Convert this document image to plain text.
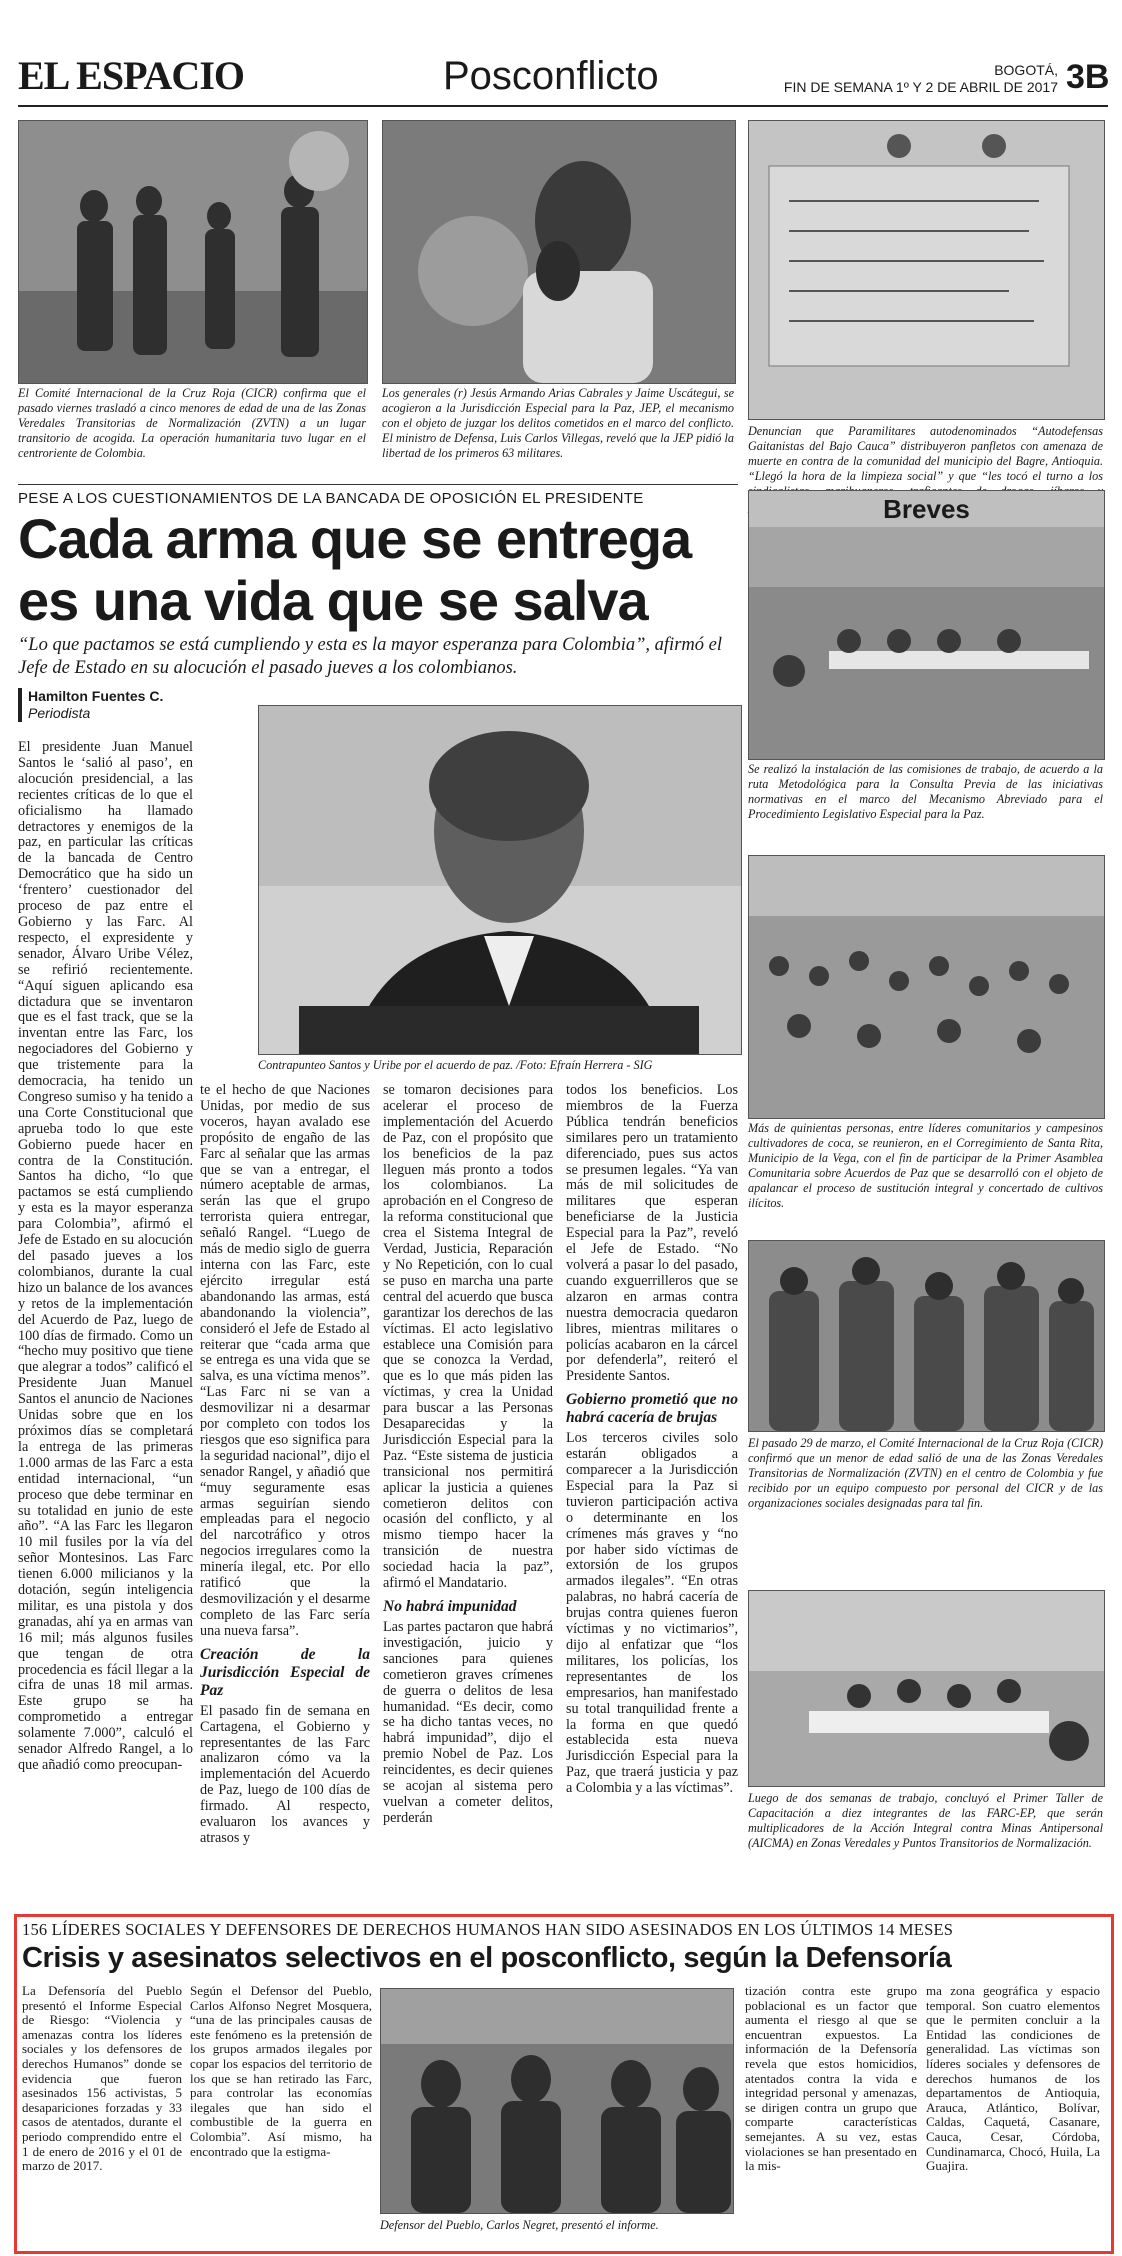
EL ESPACIO	Posconflicto	BOGOTÁ,
FIN DE SEMANA 1º Y 2 DE ABRIL DE 2017 3B
El Comité Internacional de la Cruz Roja (CICR) confirma que el pasado viernes trasladó a cinco menores de edad de una de las Zonas Veredales Transitorias de Normalización (ZVTN) a un lugar transitorio de acogida. La operación humanitaria tuvo lugar en el centroriente de Colombia.
Los generales (r) Jesús Armando Arias Cabrales y Jaime Uscátegui, se acogieron a la Jurisdicción Especial para la Paz, JEP, el mecanismo con el objeto de juzgar los delitos cometidos en el marco del conflicto. El ministro de Defensa, Luis Carlos Villegas, reveló que la JEP pidió la libertad de los primeros 63 militares.
Denuncian que Paramilitares autodenominados “Autodefensas Gaitanistas del Bajo Cauca” distribuyeron panfletos con amenaza de muerte en contra de la comunidad del municipio del Bagre, Antioquia. “Llegó la hora de la limpieza social” y que “les tocó el turno a los
PESE A LOS CUESTIONAMIENTOS DE LA BANCADA DE OPOSICIÓN EL PRESIDENTE
Cada arma que se entrega
es una vida que se salva
“Lo que pactamos se está cumpliendo y esta es la mayor esperanza para Colombia”, afirmó el Jefe de Estado en su alocución el pasado jueves a los colombianos.
Hamilton Fuentes C.
Periodista
Contrapunteo Santos y Uribe por el acuerdo de paz. /Foto: Efraín Herrera - SIG

El presidente Juan Manuel Santos le ‘salió al paso’, en alocución presidencial, a las recientes críticas de lo que el oficialismo ha llamado detractores y enemigos de la paz, en particular las críticas de la bancada de Centro Democrático que ha sido un ‘frentero’ cuestionador del proceso de paz entre el Gobierno y las Farc. Al respecto, el expresidente y senador, Álvaro Uribe Vélez, se refirió recientemente. “Aquí siguen aplicando esa dictadura que se inventaron que es el fast track, que se la inventan entre las Farc, los negociadores del Gobierno y que tristemente para la democracia, ha tenido un Congreso sumiso y ha tenido a una Corte Constitucional que aprueba todo lo que este Gobierno puede hacer en contra de la Constitución. Santos ha dicho, “lo que pactamos se está cumpliendo y esta es la mayor esperanza para Colombia”, afirmó el Jefe de Estado en su alocución del pasado jueves a los colombianos, durante la cual hizo un balance de los avances y retos de la implementación del Acuerdo de Paz, luego de 100 días de firmado. Como un “hecho muy positivo que tiene que alegrar a todos” calificó el Presidente Juan Manuel Santos el anuncio de Naciones Unidas sobre que en los próximos días se completará la entrega de las primeras 1.000 armas de las Farc a esta entidad internacional, “un proceso que debe terminar en su totalidad en junio de este año”. “A las Farc les llegaron 10 mil fusiles por la vía del señor Montesinos. Las Farc tienen 6.000 milicianos y la dotación, según inteligencia militar, es una pistola y dos granadas, ahí ya en armas van 16 mil; más algunos fusiles que tengan de otra procedencia es fácil llegar a la cifra de unas 18 mil armas. Este grupo se ha comprometido a entregar solamente 7.000”, calculó el senador Alfredo Rangel, a lo que añadió como preocupan-

te el hecho de que Naciones Unidas, por medio de sus voceros, hayan avalado ese propósito de engaño de las Farc al señalar que las armas que se van a entregar, el número aceptable de armas, serán las que el grupo terrorista quiera entregar, señaló Rangel. “Luego de más de medio siglo de guerra interna con las Farc, este ejército irregular está abandonando las armas, está abandonando la violencia”, consideró el Jefe de Estado al reiterar que “cada arma que se entrega es una vida que se salva, es una víctima menos”. “Las Farc ni se van a desmovilizar ni a desarmar por completo con todos los riesgos que eso significa para la seguridad nacional”, dijo el senador Rangel, y añadió que “muy seguramente esas armas seguirían siendo empleadas para el negocio del narcotráfico y otros negocios irregulares como la minería ilegal, etc. Por ello ratificó que la desmovilización y el desarme completo de las Farc sería una nueva farsa”.

Creación de la Jurisdicción Especial de Paz

El pasado fin de semana en Cartagena, el Gobierno y representantes de las Farc analizaron cómo va la implementación del Acuerdo de Paz, luego de 100 días de firmado. Al respecto, evaluaron los avances y atrasos y

se tomaron decisiones para acelerar el proceso de implementación del Acuerdo de Paz, con el propósito que los beneficios de la paz lleguen más pronto a todos los colombianos. La aprobación en el Congreso de la reforma constitucional que crea el Sistema Integral de Verdad, Justicia, Reparación y No Repetición, con lo cual se puso en marcha una parte central del acuerdo que busca garantizar los derechos de las víctimas. El acto legislativo establece una Comisión para que se conozca la Verdad, que es lo que más piden las víctimas, y crea la Unidad para buscar a las Personas Desaparecidas y la Jurisdicción Especial para la Paz. “Este sistema de justicia transicional nos permitirá aplicar la justicia a quienes cometieron delitos con ocasión del conflicto, y al mismo tiempo hacer la transición de nuestra sociedad hacia la paz”, afirmó el Mandatario.

No habrá impunidad

Las partes pactaron que habrá investigación, juicio y sanciones para quienes cometieron graves crímenes de guerra o delitos de lesa humanidad. “Es decir, como se ha dicho tantas veces, no habrá impunidad”, dijo el premio Nobel de Paz. Los reincidentes, es decir quienes se acojan al sistema pero vuelvan a cometer delitos, perderán

todos los beneficios. Los miembros de la Fuerza Pública tendrán beneficios similares pero un tratamiento diferenciado, pues sus actos se presumen legales. “Ya van más de mil solicitudes de militares que esperan beneficiarse de la Justicia Especial para la Paz”, reveló el Jefe de Estado. “No volverá a pasar lo del pasado, cuando exguerrilleros que se alzaron en armas contra nuestra democracia quedaron libres, mientras militares o policías acabaron en la cárcel por defenderla”, reiteró el Presidente Santos.

Gobierno prometió que no habrá cacería de brujas

Los terceros civiles solo estarán obligados a comparecer a la Jurisdicción Especial para la Paz si tuvieron participación activa o determinante en los crímenes más graves y “no por haber sido víctimas de extorsión de los grupos armados ilegales”. “En otras palabras, no habrá cacería de brujas contra quienes fueron víctimas y no victimarios”, dijo al enfatizar que “los militares, los policías, los representantes de los empresarios, han manifestado su total tranquilidad frente a la forma en que quedó establecida esta nueva Jurisdicción Especial para la Paz, que traerá justicia y paz a Colombia y a las víctimas”.

Breves
Se realizó la instalación de las comisiones de trabajo, de acuerdo a la ruta Metodológica para la Consulta Previa de las iniciativas normativas en el marco del Mecanismo Abreviado para el Procedimiento Legislativo Especial para la Paz.
Más de quinientas personas, entre líderes comunitarios y campesinos cultivadores de coca, se reunieron, en el Corregimiento de Santa Rita, Municipio de la Vega, con el fin de participar de la Primer Asamblea Comunitaria sobre Acuerdos de Paz que se desarrolló con el objeto de apalancar el proceso de sustitución integral y concertado de cultivos ilícitos.
El pasado 29 de marzo, el Comité Internacional de la Cruz Roja (CICR) confirmó que un menor de edad salió de una de las Zonas Veredales Transitorias de Normalización (ZVTN) en el centro de Colombia y fue recibido por un equipo compuesto por personal del CICR y de las organizaciones sociales designadas para tal fin.
Luego de dos semanas de trabajo, concluyó el Primer Taller de Capacitación a diez integrantes de las FARC-EP, que serán multiplicadores de la Acción Integral contra Minas Antipersonal (AICMA) en Zonas Veredales y Puntos Transitorios de Normalización.
156 LÍDERES SOCIALES Y DEFENSORES DE DERECHOS HUMANOS HAN SIDO ASESINADOS EN LOS ÚLTIMOS 14 MESES
Crisis y asesinatos selectivos en el posconflicto, según la Defensoría

La Defensoría del Pueblo presentó el Informe Especial de Riesgo: “Violencia y amenazas contra los líderes sociales y los defensores de derechos Humanos” donde se evidencia que fueron asesinados 156 activistas, 5 desapariciones forzadas y 33 casos de atentados, durante el periodo comprendido entre el 1 de enero de 2016 y el 01 de marzo de 2017.

Según el Defensor del Pueblo, Carlos Alfonso Negret Mosquera, “una de las principales causas de este fenómeno es la pretensión de los grupos armados ilegales por copar los espacios del territorio de los que se han retirado las Farc, para controlar las economías ilegales que han sido el combustible de la guerra en Colombia”. Así mismo, ha encontrado que la estigma-

Defensor del Pueblo, Carlos Negret, presentó el informe.

tización contra este grupo poblacional es un factor que aumenta el riesgo al que se encuentran expuestos. La información de la Defensoría revela que estos homicidios, atentados contra la vida e integridad personal y amenazas, se dirigen contra un grupo que comparte características semejantes. A su vez, estas violaciones se han presentado en la mis-

ma zona geográfica y espacio temporal. Son cuatro elementos que le permiten concluir a la Entidad las condiciones de generalidad. Las víctimas son líderes sociales y defensores de derechos humanos de los departamentos de Antioquia, Arauca, Atlántico, Bolívar, Caldas, Caquetá, Casanare, Cauca, Cesar, Córdoba, Cundinamarca, Chocó, Huila, La Guajira.
